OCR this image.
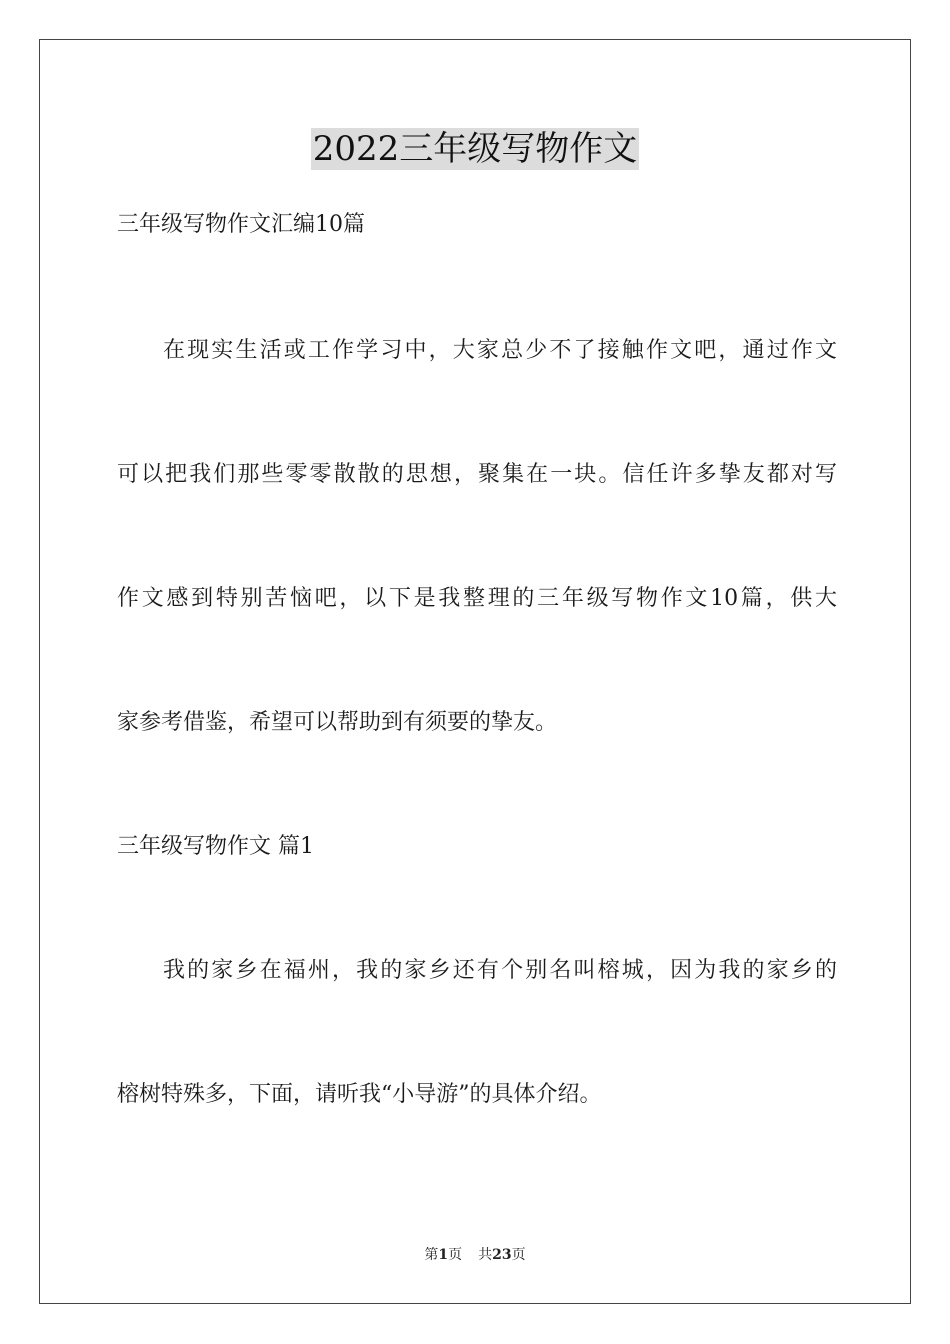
2022三年级写物作文
三年级写物作文汇编10篇
在现实生活或工作学习中，大家总少不了接触作文吧，通过作文
可以把我们那些零零散散的思想，聚集在一块。信任许多挚友都对写
作文感到特别苦恼吧，以下是我整理的三年级写物作文10篇，供大
家参考借鉴，希望可以帮助到有须要的挚友。
三年级写物作文 篇1
我的家乡在福州，我的家乡还有个别名叫榕城，因为我的家乡的
榕树特殊多，下面，请听我“小导游”的具体介绍。
第1页 共23页
